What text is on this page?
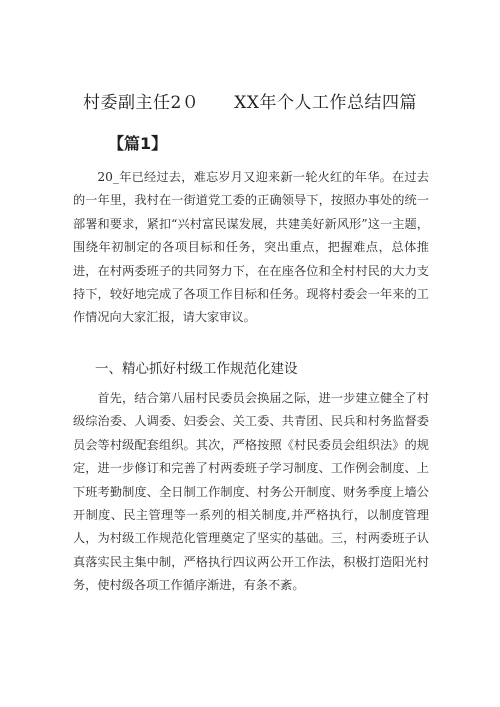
村委副主任2０　　XX年个人工作总结四篇
【篇1】

20_年已经过去，难忘岁月又迎来新一轮火红的年华。在过去的一年里，我村在一街道党工委的正确领导下，按照办事处的统一部署和要求，紧扣“兴村富民谋发展，共建美好新风形”这一主题，围绕年初制定的各项目标和任务，突出重点，把握难点，总体推进，在村两委班子的共同努力下，在在座各位和全村村民的大力支持下，较好地完成了各项工作目标和任务。现将村委会一年来的工作情况向大家汇报，请大家审议。

一、精心抓好村级工作规范化建设

首先，结合第八届村民委员会换届之际，进一步建立健全了村级综治委、人调委、妇委会、关工委、共青团、民兵和村务监督委员会等村级配套组织。其次，严格按照《村民委员会组织法》的规定，进一步修订和完善了村两委班子学习制度、工作例会制度、上下班考勤制度、全日制工作制度、村务公开制度、财务季度上墙公开制度、民主管理等一系列的相关制度,并严格执行，以制度管理人，为村级工作规范化管理奠定了坚实的基础。三，村两委班子认真落实民主集中制，严格执行四议两公开工作法，积极打造阳光村务，使村级各项工作循序渐进，有条不紊。
